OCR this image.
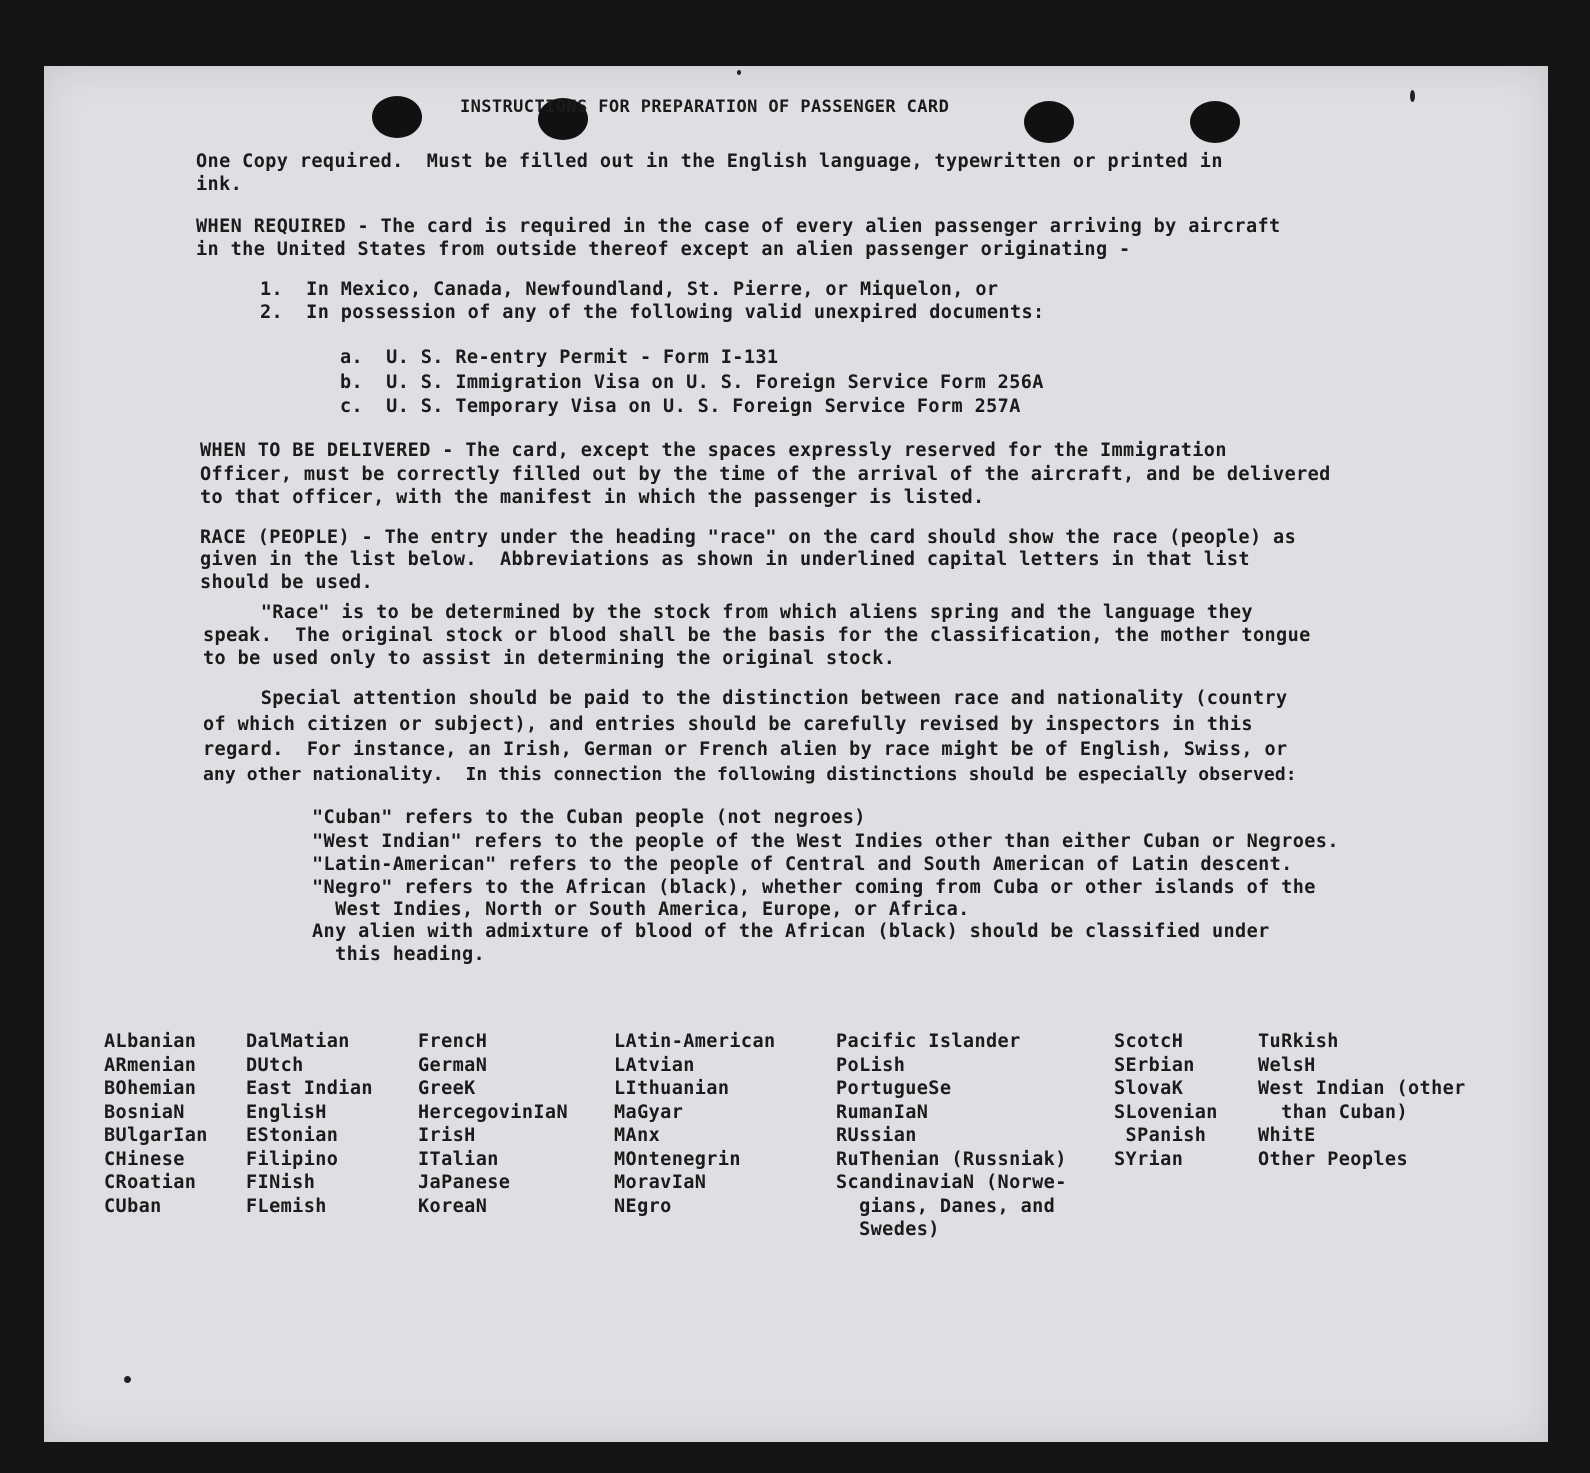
INSTRUCTIONS FOR PREPARATION OF PASSENGER CARD
One Copy required.  Must be filled out in the English language, typewritten or printed in
ink.
WHEN REQUIRED - The card is required in the case of every alien passenger arriving by aircraft
in the United States from outside thereof except an alien passenger originating -
1.  In Mexico, Canada, Newfoundland, St. Pierre, or Miquelon, or
2.  In possession of any of the following valid unexpired documents:
a.  U. S. Re-entry Permit - Form I-131
b.  U. S. Immigration Visa on U. S. Foreign Service Form 256A
c.  U. S. Temporary Visa on U. S. Foreign Service Form 257A
WHEN TO BE DELIVERED - The card, except the spaces expressly reserved for the Immigration
Officer, must be correctly filled out by the time of the arrival of the aircraft, and be delivered
to that officer, with the manifest in which the passenger is listed.
RACE (PEOPLE) - The entry under the heading "race" on the card should show the race (people) as
given in the list below.  Abbreviations as shown in underlined capital letters in that list
should be used.
"Race" is to be determined by the stock from which aliens spring and the language they
speak.  The original stock or blood shall be the basis for the classification, the mother tongue
to be used only to assist in determining the original stock.
Special attention should be paid to the distinction between race and nationality (country
of which citizen or subject), and entries should be carefully revised by inspectors in this
regard.  For instance, an Irish, German or French alien by race might be of English, Swiss, or
any other nationality.  In this connection the following distinctions should be especially observed:
"Cuban" refers to the Cuban people (not negroes)
"West Indian" refers to the people of the West Indies other than either Cuban or Negroes.
"Latin-American" refers to the people of Central and South American of Latin descent.
"Negro" refers to the African (black), whether coming from Cuba or other islands of the
West Indies, North or South America, Europe, or Africa.
Any alien with admixture of blood of the African (black) should be classified under
this heading.
ALbanian
ARmenian
BOhemian
BosniaN
BUlgarIan
CHinese
CRoatian
CUban
DalMatian
DUtch
East Indian
EnglisH
EStonian
Filipino
FINish
FLemish
FrencH
GermaN
GreeK
HercegovinIaN
IrisH
ITalian
JaPanese
KoreaN
LAtin-American
LAtvian
LIthuanian
MaGyar
MAnx
MOntenegrin
MoravIaN
NEgro
Pacific Islander
PoLish
PortugueSe
RumanIaN
RUssian
RuThenian (Russniak)
ScandinaviaN (Norwe-
gians, Danes, and
Swedes)
ScotcH
SErbian
SlovaK
SLovenian
SPanish
SYrian
TuRkish
WelsH
West Indian (other
than Cuban)
WhitE
Other Peoples
